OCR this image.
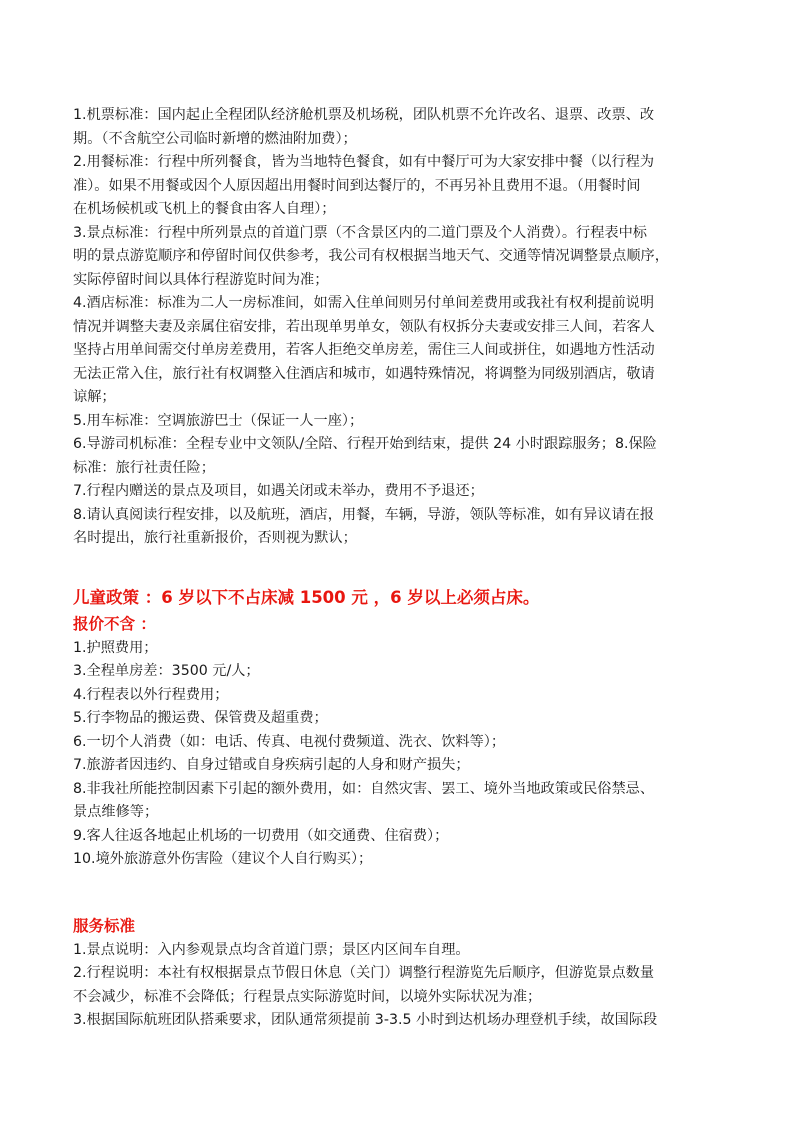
1.机票标准：国内起止全程团队经济舱机票及机场税，团队机票不允许改名、退票、改票、改
期。（不含航空公司临时新增的燃油附加费）；
2.用餐标准：行程中所列餐食，皆为当地特色餐食，如有中餐厅可为大家安排中餐（以行程为
准）。如果不用餐或因个人原因超出用餐时间到达餐厅的，不再另补且费用不退。（用餐时间
在机场候机或飞机上的餐食由客人自理）；
3.景点标准：行程中所列景点的首道门票（不含景区内的二道门票及个人消费）。行程表中标
明的景点游览顺序和停留时间仅供参考，我公司有权根据当地天气、交通等情况调整景点顺序，
实际停留时间以具体行程游览时间为准；
4.酒店标准：标准为二人一房标准间，如需入住单间则另付单间差费用或我社有权利提前说明
情况并调整夫妻及亲属住宿安排，若出现单男单女，领队有权拆分夫妻或安排三人间，若客人
坚持占用单间需交付单房差费用，若客人拒绝交单房差，需住三人间或拼住，如遇地方性活动
无法正常入住，旅行社有权调整入住酒店和城市，如遇特殊情况，将调整为同级别酒店，敬请
谅解；
5.用车标准：空调旅游巴士（保证一人一座）；
6.导游司机标准：全程专业中文领队/全陪、行程开始到结束，提供 24 小时跟踪服务；8.保险
标准：旅行社责任险；
7.行程内赠送的景点及项目，如遇关闭或未举办，费用不予退还；
8.请认真阅读行程安排，以及航班，酒店，用餐，车辆，导游，领队等标准，如有异议请在报
名时提出，旅行社重新报价，否则视为默认；
儿童政策 ：6 岁以下不占床减 1500 元 ，6 岁以上必须占床。
报价不含 ：
1.护照费用；
3.全程单房差：3500 元/人；
4.行程表以外行程费用；
5.行李物品的搬运费、保管费及超重费；
6.一切个人消费（如：电话、传真、电视付费频道、洗衣、饮料等）；
7.旅游者因违约、自身过错或自身疾病引起的人身和财产损失；
8.非我社所能控制因素下引起的额外费用，如：自然灾害、罢工、境外当地政策或民俗禁忌、
景点维修等；
9.客人往返各地起止机场的一切费用（如交通费、住宿费）；
10.境外旅游意外伤害险（建议个人自行购买）；
服务标准
1.景点说明：入内参观景点均含首道门票；景区内区间车自理。
2.行程说明：本社有权根据景点节假日休息（关门）调整行程游览先后顺序，但游览景点数量
不会减少，标准不会降低；行程景点实际游览时间，以境外实际状况为准；
3.根据国际航班团队搭乘要求，团队通常须提前 3-3.5 小时到达机场办理登机手续，故国际段
